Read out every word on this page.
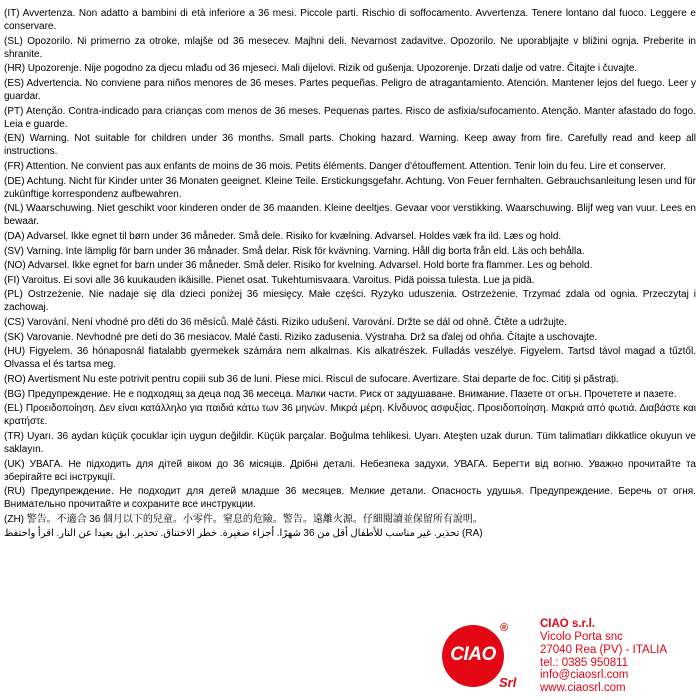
(IT) Avvertenza. Non adatto a bambini di età inferiore a 36 mesi. Piccole parti. Rischio di soffocamento. Avvertenza. Tenere lontano dal fuoco. Leggere e conservare.

(SL) Opozorilo. Ni primerno za otroke, mlajše od 36 mesecev. Majhni deli. Nevarnost zadavitve. Opozorilo. Ne uporabljajte v bližini ognja. Preberite in shranite.

(HR) Upozorenje. Nije pogodno za djecu mlađu od 36 mjeseci. Mali dijelovi. Rizik od gušenja. Upozorenje. Drzati dalje od vatre. Čitajte i čuvajte.

(ES) Advertencia. No conviene para niños menores de 36 meses. Partes pequeñas. Peligro de atragantamiento. Atención. Mantener lejos del fuego. Leer y guardar.

(PT) Atenção. Contra-indicado para crianças com menos de 36 meses. Pequenas partes. Risco de asfixia/sufocamento. Atenção. Manter afastado do fogo. Leia e guarde.

(EN) Warning. Not suitable for children under 36 months. Small parts. Choking hazard. Warning. Keep away from fire. Carefully read and keep all instructions.

(FR) Attention. Ne convient pas aux enfants de moins de 36 mois. Petits éléments. Danger d'étouffement. Attention. Tenir loin du feu. Lire et conserver.

(DE) Achtung. Nicht für Kinder unter 36 Monaten geeignet. Kleine Teile. Erstickungsgefahr. Achtung. Von Feuer fernhalten. Gebrauchsanleitung lesen und für zukünftige korrespondenz aufbewahren.

(NL) Waarschuwing. Niet geschikt voor kinderen onder de 36 maanden. Kleine deeltjes. Gevaar voor verstikking. Waarschuwing. Blijf weg van vuur. Lees en bewaar.

(DA) Advarsel. Ikke egnet til børn under 36 måneder. Små dele. Risiko for kvælning. Advarsel. Holdes væk fra ild. Læs og hold.

(SV) Varning. Inte lämplig för barn under 36 månader. Små delar. Risk för kvävning. Varning. Håll dig borta från eld. Läs och behålla.

(NO) Advarsel. Ikke egnet for barn under 36 måneder. Små deler. Risiko for kvelning. Advarsel. Hold borte fra flammer. Les og behold.

(FI) Varoitus. Ei sovi alle 36 kuukauden ikäisille. Pienet osat. Tukehtumisvaara. Varoitus. Pidä poissa tulesta. Lue ja pidä.

(PL) Ostrzeżenie. Nie nadaje się dla dzieci poniżej 36 miesięcy. Małe części. Ryzyko uduszenia. Ostrzeżenie. Trzymać zdala od ognia. Przeczytaj i zachowaj.

(CS) Varování. Není vhodné pro děti do 36 měsíců. Malé části. Riziko udušení. Varování. Držte se dál od ohně. Čtěte a udržujte.

(SK) Varovanie. Nevhodné pre deti do 36 mesiacov. Malé časti. Riziko zadusenia. Výstraha. Drž sa ďalej od ohňa. Čítajte a uschovajte.

(HU) Figyelem. 36 hónaposnál fiatalabb gyermekek számára nem alkalmas. Kis alkatrészek. Fulladás veszélye. Figyelem. Tartsd távol magad a tűztől. Olvassa el és tartsa meg.

(RO) Avertisment Nu este potrivit pentru copiii sub 36 de luni. Piese mici. Riscul de sufocare. Avertizare. Stai departe de foc. Citiți și păstrați.

(BG) Предупреждение. Не е подходящ за деца под 36 месеца. Малки части. Риск от задушаване. Внимание. Пазете от огън. Прочетете и пазете.

(EL) Προειδοποίηση. Δεν είναι κατάλληλο για παιδιά κάτω των 36 μηνών. Μικρά μέρη. Κίνδυνος ασφυξίας. Προειδοποίηση. Μακριά από φωτιά. Διαβάστε και κρατήστε.

(TR) Uyarı. 36 aydan küçük çocuklar için uygun değildir. Küçük parçalar. Boğulma tehlikesi. Uyarı. Ateşten uzak durun. Tüm talimatları dikkatlice okuyun ve saklayın.

(UK) УВАГА. Не підходить для дітей віком до 36 місяців. Дрібні деталі. Небезпека задухи. УВАГА. Берегти від вогню. Уважно прочитайте та зберігайте всі інструкції.

(RU) Предупреждение. Не подходит для детей младше 36 месяцев. Мелкие детали. Опасность удушья. Предупреждение. Беречь от огня. Внимательно прочитайте и сохраните все инструкции.

(ZH) 警告。不適合 36 個月以下的兒童。小零件。窒息的危險。警告。遠離火源。仔細閱讀並保留所有說明。

تحذير. غير مناسب للأطفال أقل من 36 شهرًا. أجزاء صغيرة. خطر الاختناق. تحذير. ابق بعيدا عن النار. اقرأ واحتفظ (RA)

CIAO
®
Srl
CIAO s.r.l.
Vicolo Porta snc
27040 Rea (PV) - ITALIA
tel.: 0385 950811
info@ciaosrl.com
www.ciaosrl.com
